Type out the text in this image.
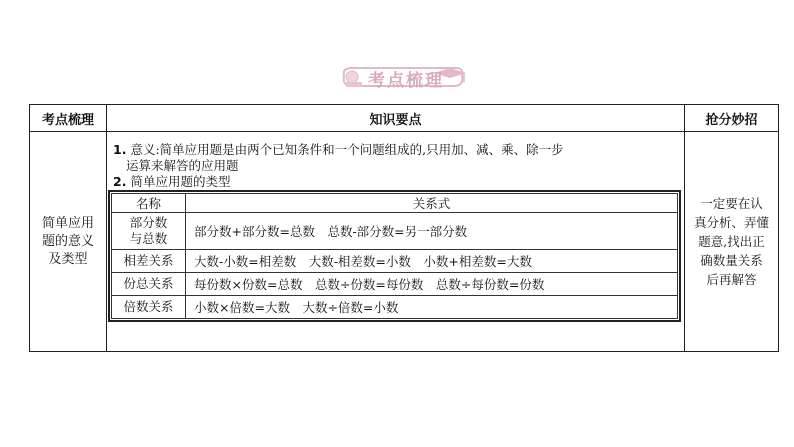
考点梳理
考点梳理	知识要点	抢分妙招

简单应用
题的意义
及类型

1. 意义:简单应用题是由两个已知条件和一个问题组成的,只用加、减、乘、除一步
运算来解答的应用题
2. 简单应用题的类型
名称	关系式

部分数
与总数	部分数+部分数=总数　总数-部分数=另一部分数
相差关系	大数-小数=相差数　大数-相差数=小数　小数+相差数=大数
份总关系	每份数×份数=总数　总数÷份数=每份数　总数÷每份数=份数
倍数关系	小数×倍数=大数　大数÷倍数=小数

一定要在认
真分析、弄懂
题意,找出正
确数量关系
后再解答
